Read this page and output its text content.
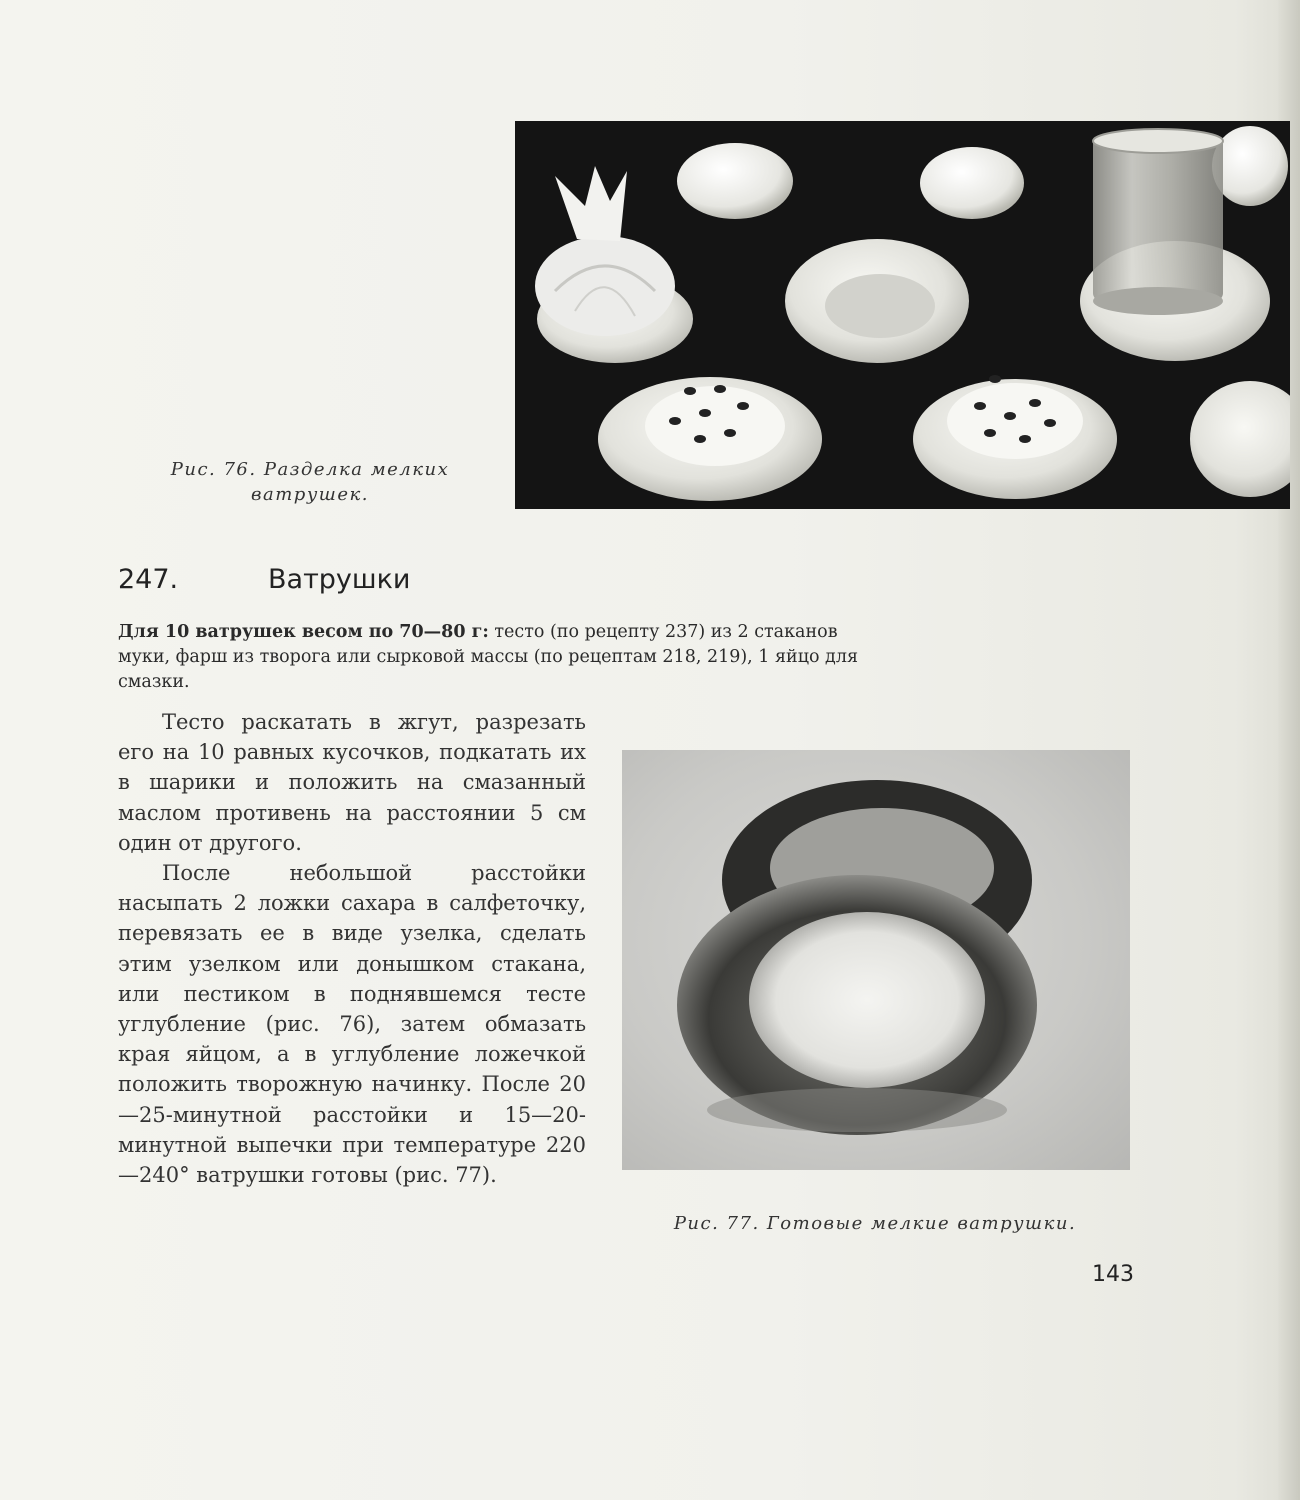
Рис. 76. Разделка мелких
ватрушек.
247.	Ватрушки
Для 10 ватрушек весом по 70—80 г: тесто (по рецепту 237) из 2 стаканов муки, фарш из творога или сырковой массы (по рецептам 218, 219), 1 яйцо для смазки.

Тесто раскатать в жгут, разрезать его на 10 равных кусочков, подкатать их в шарики и положить на смазанный маслом противень на расстоянии 5 см один от другого.

После небольшой расстойки насыпать 2 ложки сахара в салфеточку, перевязать ее в виде узелка, сделать этим узелком или донышком стакана, или пестиком в поднявшемся тесте углубление (рис. 76), затем обмазать края яйцом, а в углубление ложечкой положить творожную начинку. После 20—25-минутной расстойки и 15—20-минутной выпечки при температуре 220—240° ватрушки готовы (рис. 77).

Рис. 77. Готовые мелкие ватрушки.
143
